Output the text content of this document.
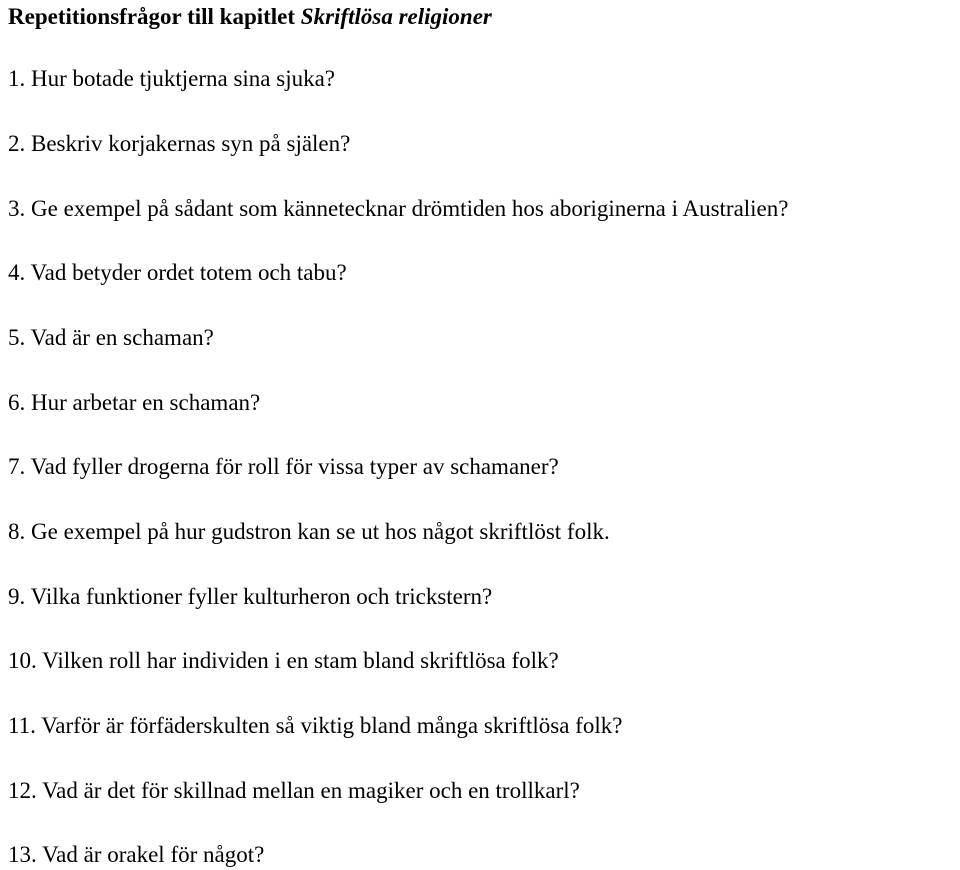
Repetitionsfrågor till kapitlet Skriftlösa religioner
1. Hur botade tjuktjerna sina sjuka?
2. Beskriv korjakernas syn på själen?
3. Ge exempel på sådant som kännetecknar drömtiden hos aboriginerna i Australien?
4. Vad betyder ordet totem och tabu?
5. Vad är en schaman?
6. Hur arbetar en schaman?
7. Vad fyller drogerna för roll för vissa typer av schamaner?
8. Ge exempel på hur gudstron kan se ut hos något skriftlöst folk.
9. Vilka funktioner fyller kulturheron och trickstern?
10. Vilken roll har individen i en stam bland skriftlösa folk?
11. Varför är förfäderskulten så viktig bland många skriftlösa folk?
12. Vad är det för skillnad mellan en magiker och en trollkarl?
13. Vad är orakel för något?
